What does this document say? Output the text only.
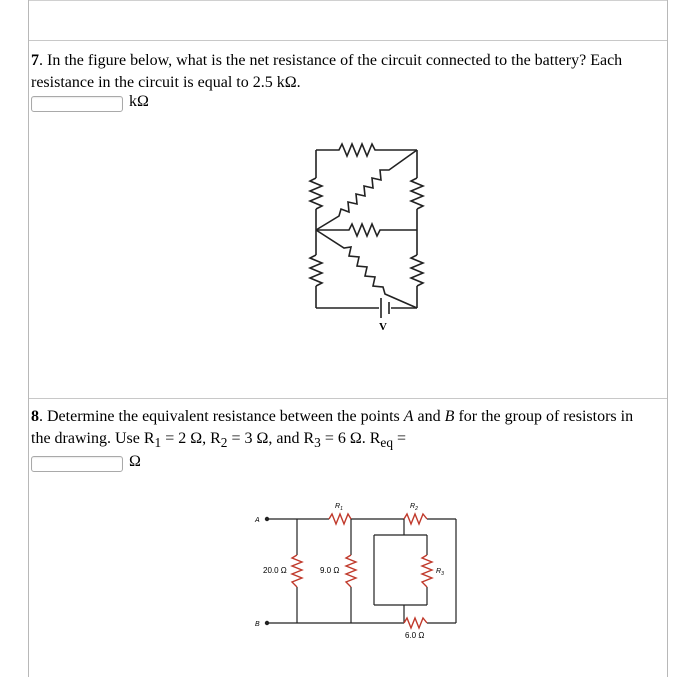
7. In the figure below, what is the net resistance of the circuit connected to the battery? Each
resistance in the circuit is equal to 2.5 kΩ.
kΩ
V
8. Determine the equivalent resistance between the points A and B for the group of resistors in
the drawing. Use $R_1 = 2$ Ω, $R_2 = 3$ Ω, and $R_3 = 6$ Ω. $R_{eq}$ =
Ω
A
B
$R_1$	$R_2$
$R_3$
20.0 Ω	9.0 Ω
6.0 Ω
